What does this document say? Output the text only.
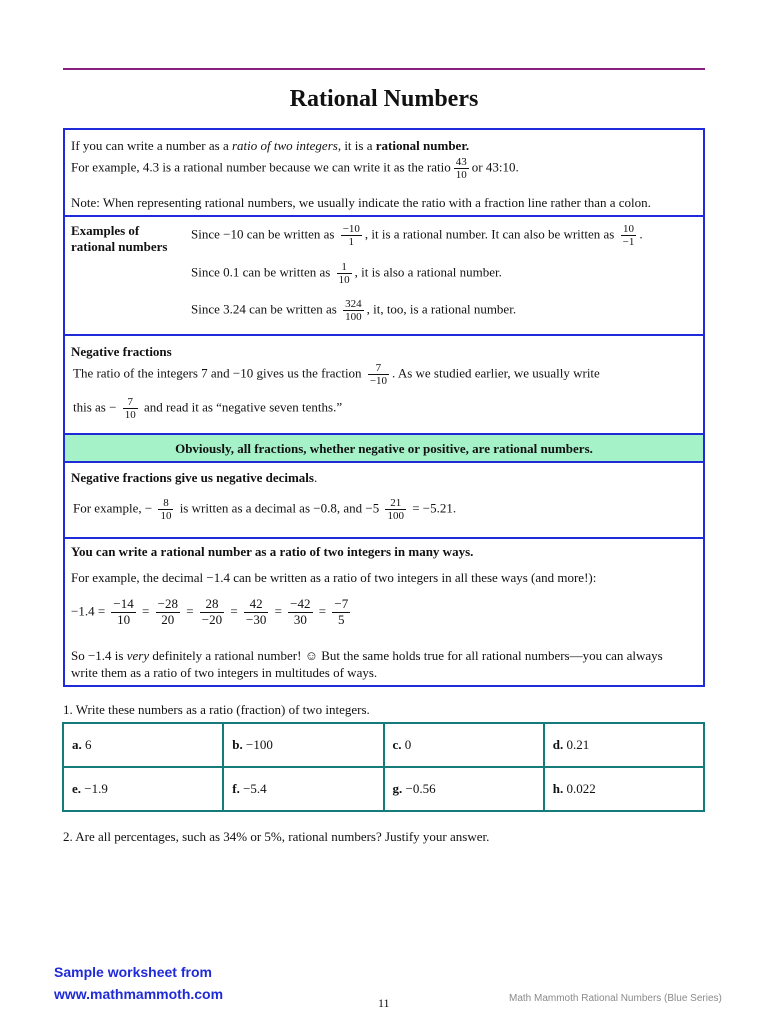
Rational Numbers
If you can write a number as a ratio of two integers, it is a rational number.
For example, 4.3 is a rational number because we can write it as the ratio $\frac{43}{10}$ or 43:10.
Note: When representing rational numbers, we usually indicate the ratio with a fraction line rather than a colon.
Examples of
rational numbers
Since −10 can be written as $\frac{-10}{1}$ , it is a rational number. It can also be written as $\frac{10}{-1}$ .
Since 0.1 can be written as $\frac{1}{10}$ , it is also a rational number.
Since 3.24 can be written as $\frac{324}{100}$ , it, too, is a rational number.
Negative fractions
The ratio of the integers 7 and −10 gives us the fraction $\frac{7}{-10}$ . As we studied earlier, we usually write
this as − $\frac{7}{10}$ and read it as “negative seven tenths.”
Obviously, all fractions, whether negative or positive, are rational numbers.
Negative fractions give us negative decimals.
For example, − $\frac{8}{10}$ is written as a decimal as −0.8, and $-5 \frac{21}{100} = -5.21$.
You can write a rational number as a ratio of two integers in many ways.
For example, the decimal −1.4 can be written as a ratio of two integers in all these ways (and more!):
$-1.4 = \frac{-14}{10} = \frac{-28}{20} = \frac{28}{-20} = \frac{42}{-30} = \frac{-42}{30} = \frac{-7}{5}$
So −1.4 is very definitely a rational number! ☺ But the same holds true for all rational numbers—you can always
write them as a ratio of two integers in multitudes of ways.
1. Write these numbers as a ratio (fraction) of two integers.
a. 6	b. −100	c. 0	d. 0.21
e. −1.9	f. −5.4	g. −0.56	h. 0.022
2. Are all percentages, such as 34% or 5%, rational numbers? Justify your answer.
Sample worksheet from
www.mathmammoth.com
11	Math Mammoth Rational Numbers (Blue Series)
